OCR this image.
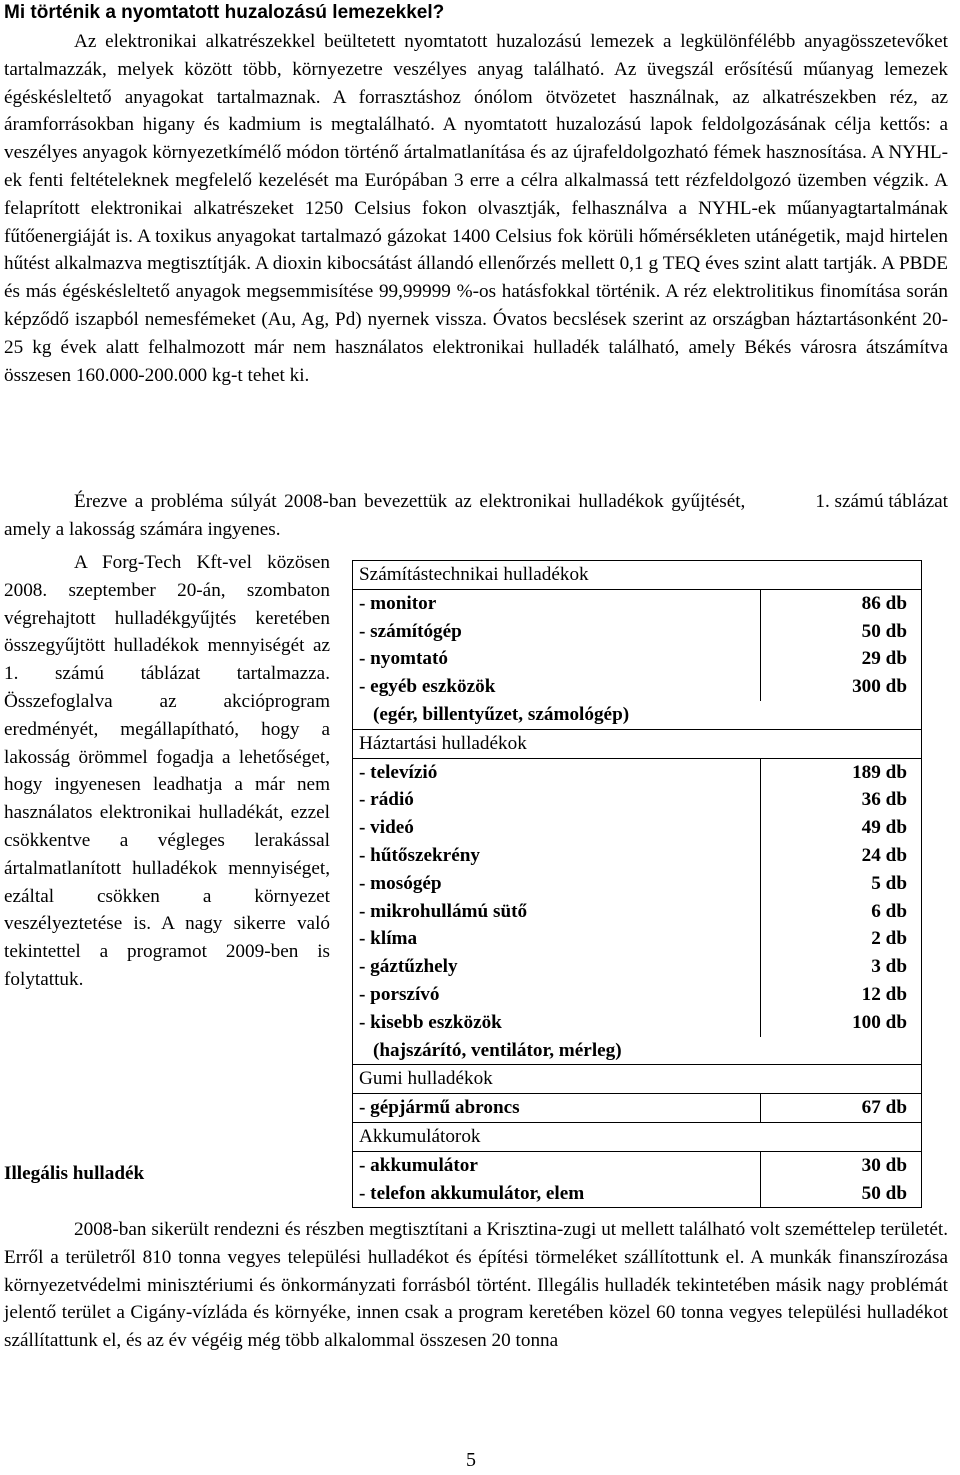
Mi történik a nyomtatott huzalozású lemezekkel?

Az elektronikai alkatrészekkel beültetett nyomtatott huzalozású lemezek a legkülönfélébb anyagösszetevőket tartalmazzák, melyek között több, környezetre veszélyes anyag található. Az üvegszál erősítésű műanyag lemezek égéskésleltető anyagokat tartalmaznak. A forrasztáshoz ónólom ötvözetet használnak, az alkatrészekben réz, az áramforrásokban higany és kadmium is megtalálható. A nyomtatott huzalozású lapok feldolgozásának célja kettős: a veszélyes anyagok környezetkímélő módon történő ártalmatlanítása és az újrafeldolgozható fémek hasznosítása. A NYHL-ek fenti feltételeknek megfelelő kezelését ma Európában 3 erre a célra alkalmassá tett rézfeldolgozó üzemben végzik. A felaprított elektronikai alkatrészeket 1250 Celsius fokon olvasztják, felhasználva a NYHL-ek műanyagtartalmának fűtőenergiáját is. A toxikus anyagokat tartalmazó gázokat 1400 Celsius fok körüli hőmérsékleten utánégetik, majd hirtelen hűtést alkalmazva megtisztítják. A dioxin kibocsátást állandó ellenőrzés mellett 0,1 g TEQ éves szint alatt tartják. A PBDE és más égéskésleltető anyagok megsemmisítése 99,99999 %-os hatásfokkal történik. A réz elektrolitikus finomítása során képződő iszapból nemesfémeket (Au, Ag, Pd) nyernek vissza. Óvatos becslések szerint az országban háztartásonként 20-25 kg évek alatt felhalmozott már nem használatos elektronikai hulladék található, amely Békés városra átszámítva összesen 160.000-200.000 kg-t tehet ki.

1. számú táblázat
Érezve a probléma súlyát 2008-ban bevezettük az elektronikai hulladékok gyűjtését, amely a lakosság számára ingyenes.

A Forg-Tech Kft-vel közösen 2008. szeptember 20-án, szombaton végrehajtott hulladékgyűjtés keretében összegyűjtött hulladékok mennyiségét az 1. számú táblázat tartalmazza. Összefoglalva az akcióprogram eredményét, megállapítható, hogy a lakosság örömmel fogadja a lehetőséget, hogy ingyenesen leadhatja a már nem használatos elektronikai hulladékát, ezzel csökkentve a végleges lerakással ártalmatlanított hulladékok mennyiséget, ezáltal csökken a környezet veszélyeztetése is. A nagy sikerre való tekintettel a programot 2009-ben is folytattuk.

Számítástechnikai hulladékok	
- monitor	86 db
- számítógép	50 db
- nyomtató	29 db
- egyéb eszközök	300 db
(egér, billentyűzet, számológép)	
Háztartási hulladékok	
- televízió	189 db
- rádió	36 db
- videó	49 db
- hűtőszekrény	24 db
- mosógép	5 db
- mikrohullámú sütő	6 db
- klíma	2 db
- gáztűzhely	3 db
- porszívó	12 db
- kisebb eszközök	100 db
(hajszárító, ventilátor, mérleg)	
Gumi hulladékok	
- gépjármű abroncs	67 db
Akkumulátorok	
- akkumulátor	30 db
- telefon akkumulátor, elem	50 db

Illegális hulladék

2008-ban sikerült rendezni és részben megtisztítani a Krisztina-zugi ut mellett található volt szeméttelep területét. Erről a területről 810 tonna vegyes települési hulladékot és építési törmeléket szállítottunk el. A munkák finanszírozása környezetvédelmi minisztériumi és önkormányzati forrásból történt. Illegális hulladék tekintetében másik nagy problémát jelentő terület a Cigány-vízláda és környéke, innen csak a program keretében közel 60 tonna vegyes települési hulladékot szállítattunk el, és az év végéig még több alkalommal összesen 20 tonna

5
